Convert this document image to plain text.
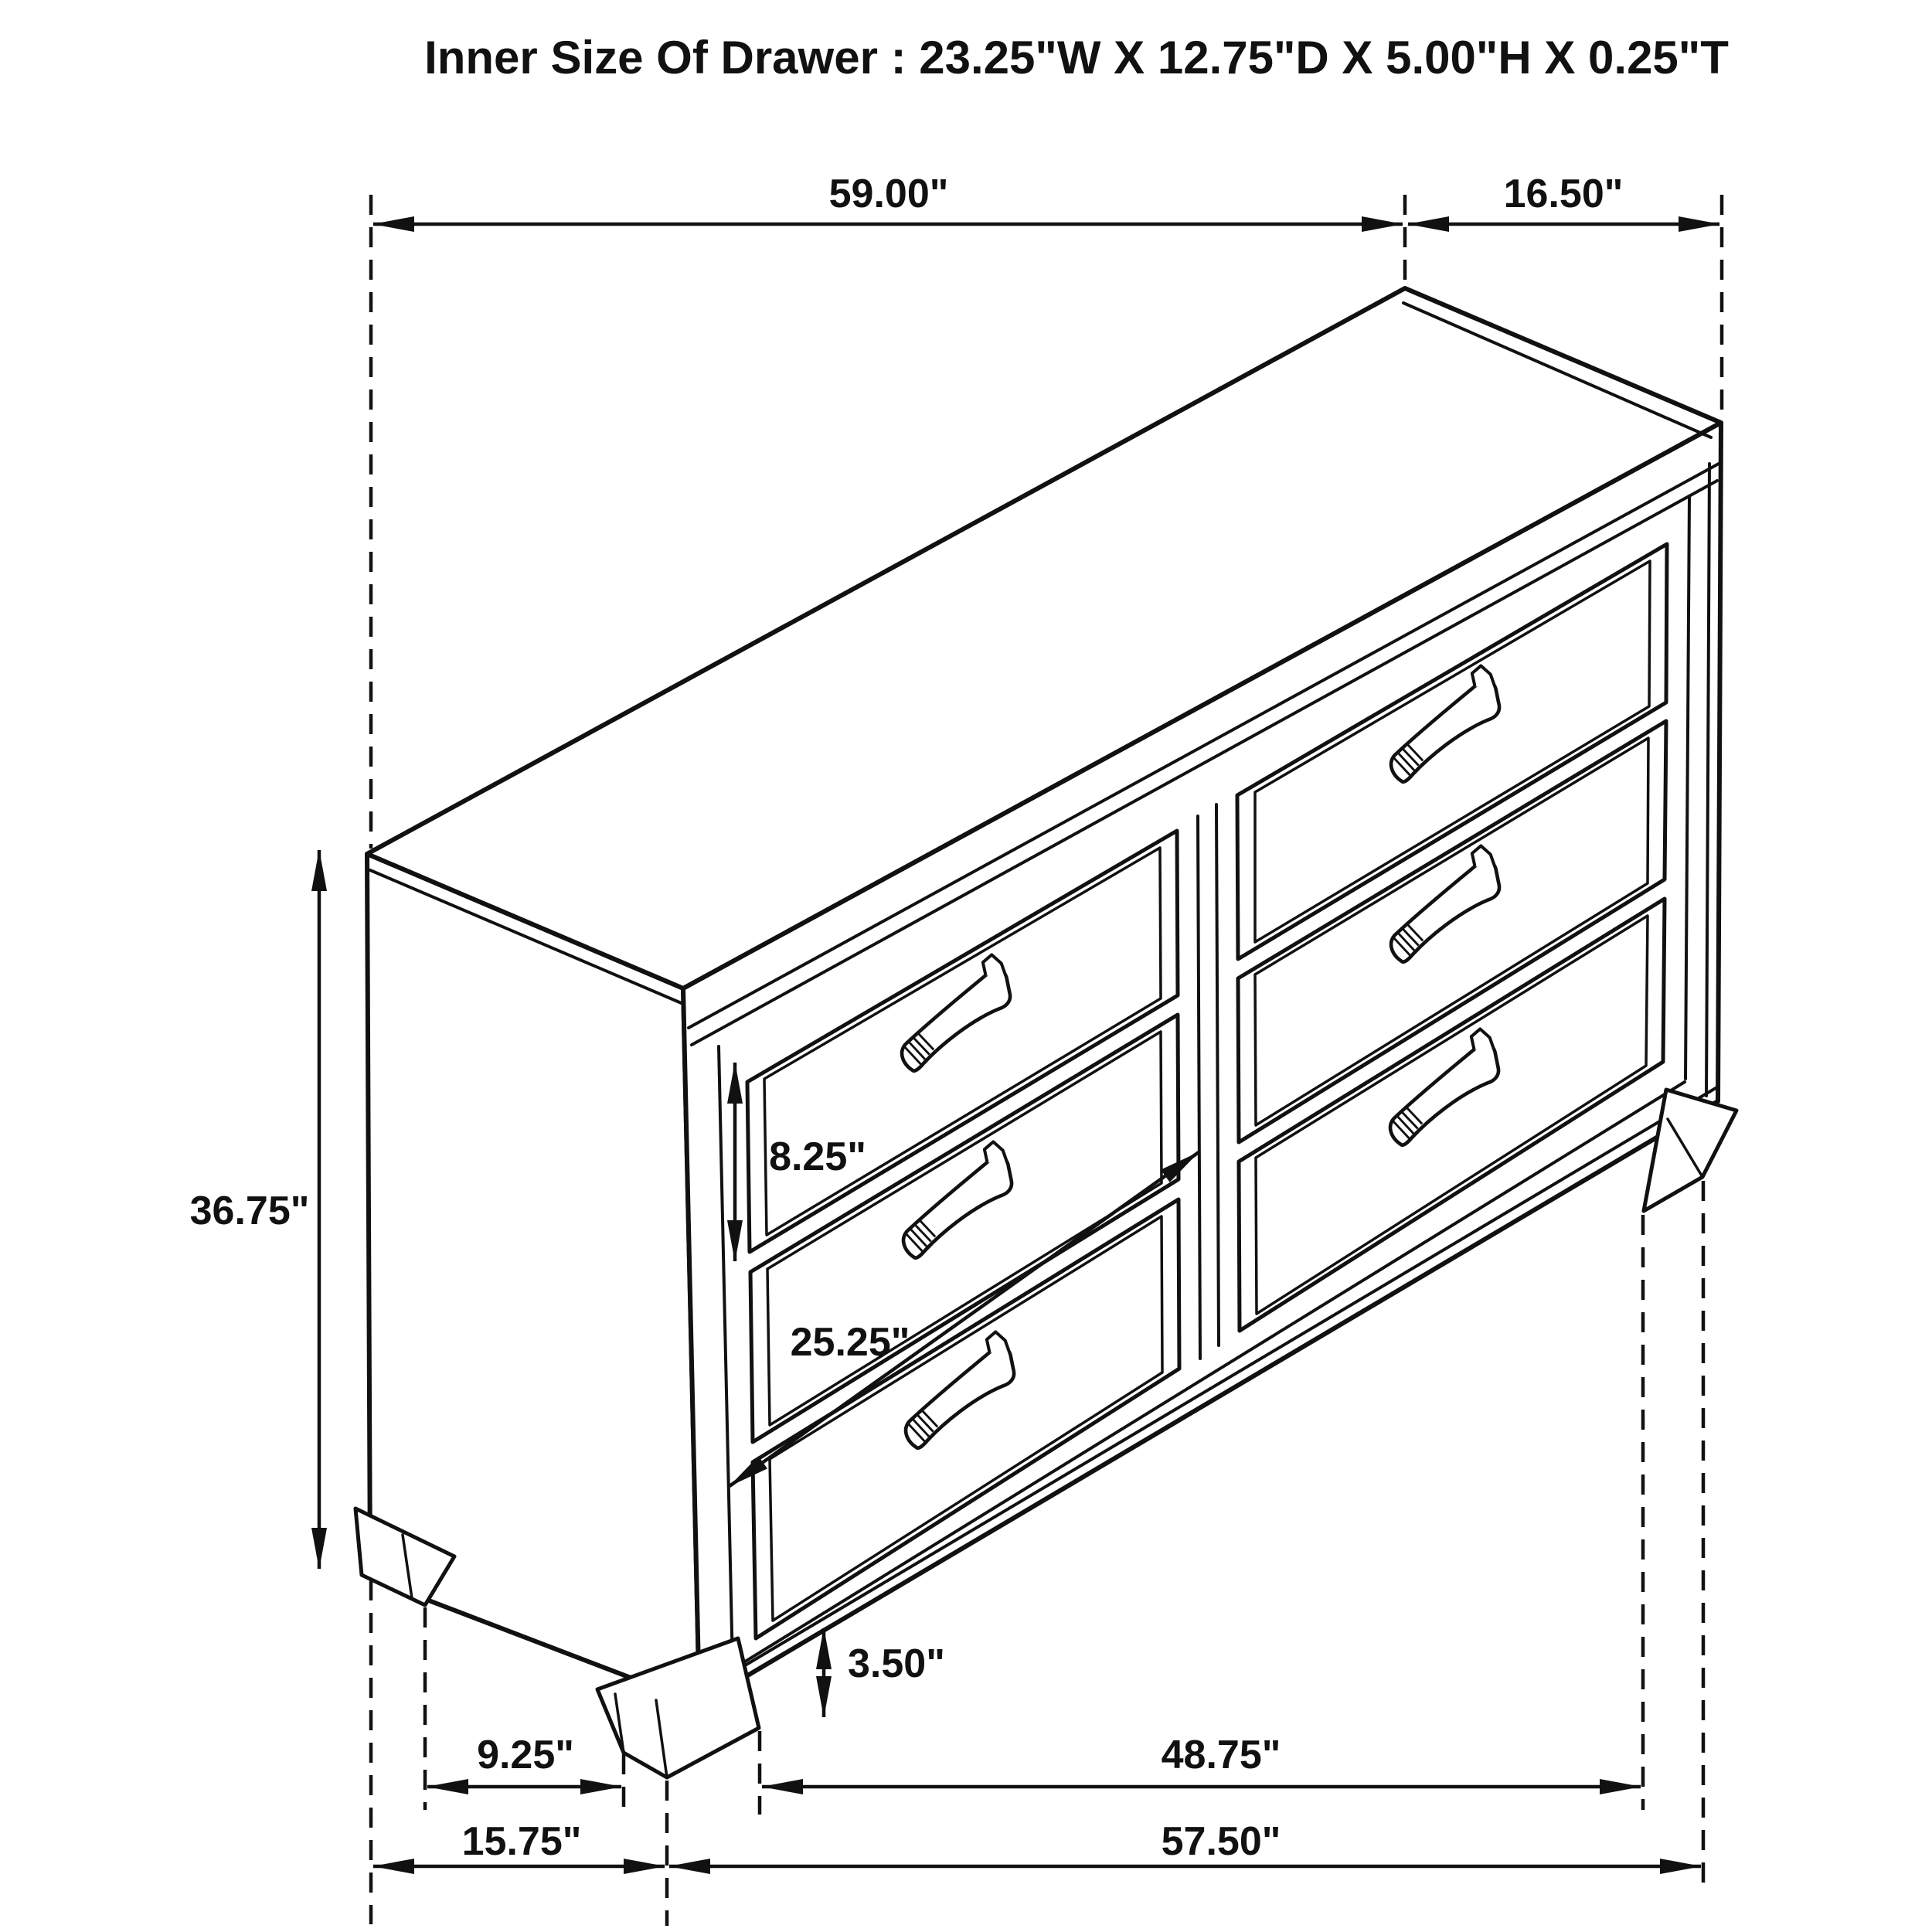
59.00"	16.50"
36.75"
8.25"
25.25"
3.50"
9.25"	48.75"
15.75"	57.50"
Inner Size Of Drawer : 23.25"W X 12.75"D X 5.00"H X 0.25"T
